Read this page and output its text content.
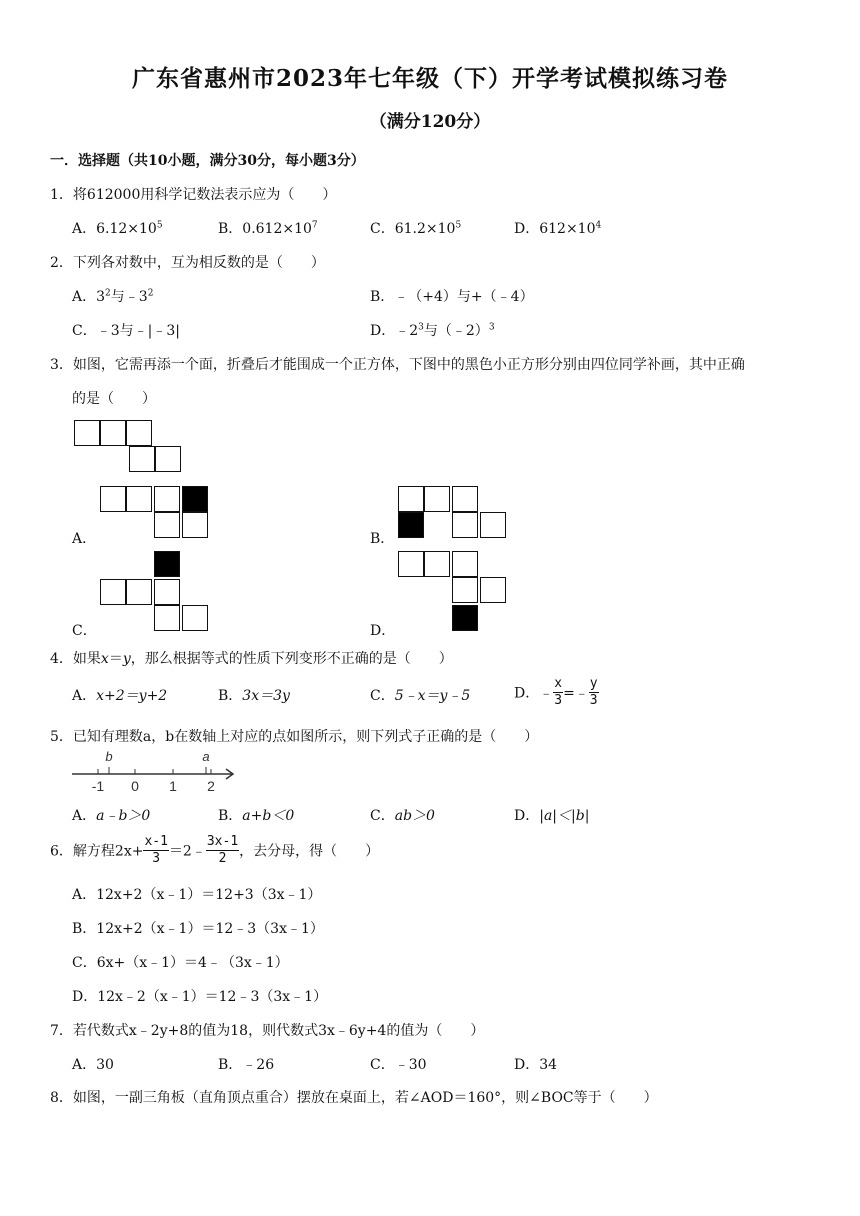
广东省惠州市2023年七年级（下）开学考试模拟练习卷
（满分120分）
一．选择题（共10小题，满分30分，每小题3分）
1．将612000用科学记数法表示应为（　　）
A．$6.12\times 10^5$	B．$0.612\times 10^7$	C．$61.2\times 10^5$	D．$612\times 10^4$
2．下列各对数中，互为相反数的是（　　）
A．$3^2$与$﹣3^2$	B．﹣（+4）与+（﹣4）
C．﹣3与﹣|﹣3|	D．$﹣2^3$与（﹣2）$^3$
3．如图，它需再添一个面，折叠后才能围成一个正方体，下图中的黑色小正方形分别由四位同学补画，其中正确
的是（　　）
A．	B．
C．	D．
4．如果x＝y，那么根据等式的性质下列变形不正确的是（　　）
A．x+2＝y+2	B．3x＝3y	C．5﹣x＝y﹣5	D．﹣ $\frac{x}{3}$ =﹣ $\frac{y}{3}$
5．已知有理数a，b在数轴上对应的点如图所示，则下列式子正确的是（　　）
b	a
-1 0 1 2
A．a﹣b＞0	B．a+b＜0	C．ab＞0	D．|a|＜|b|
6．解方程$2x+ \frac{x-1}{3}$ ＝2﹣ $\frac{3x-1}{2}$ ，去分母，得（　　）
A．12x+2（x﹣1）＝12+3（3x﹣1）
B．12x+2（x﹣1）＝12﹣3（3x﹣1）
C．6x+（x﹣1）＝4﹣（3x﹣1）
D．12x﹣2（x﹣1）＝12﹣3（3x﹣1）
7．若代数式x﹣2y+8的值为18，则代数式3x﹣6y+4的值为（　　）
A．30	B．﹣26	C．﹣30	D．34
8．如图，一副三角板（直角顶点重合）摆放在桌面上，若∠AOD＝160°，则∠BOC等于（　　）
